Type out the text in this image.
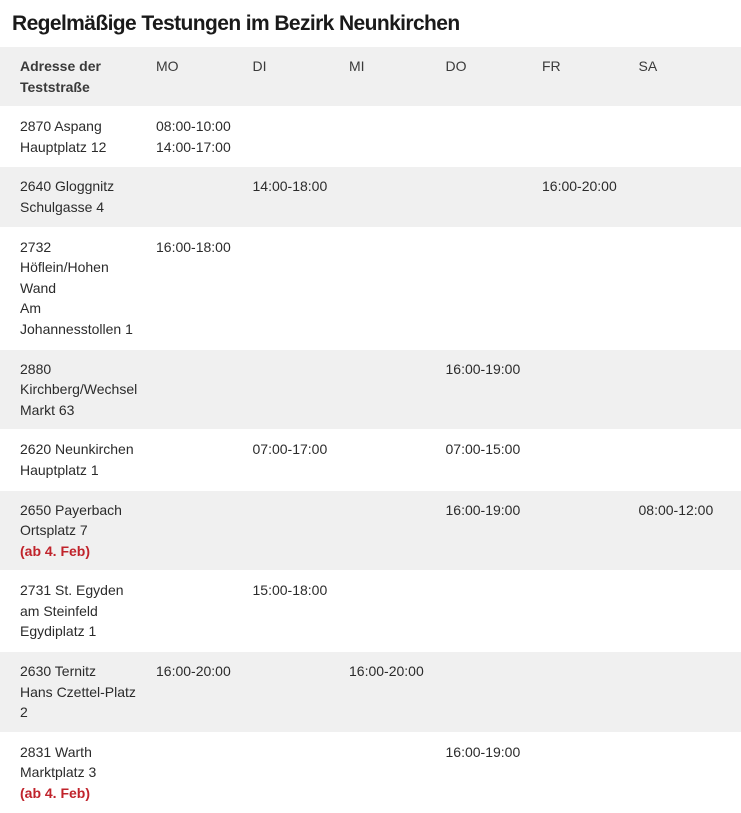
Regelmäßige Testungen im Bezirk Neunkirchen
Adresse der Teststraße	MO	DI	MI	DO	FR	SA

2870 Aspang
Hauptplatz 12	08:00-10:00
14:00-17:00					

2640 Gloggnitz
Schulgasse 4		14:00-18:00			16:00-20:00	

2732
Höflein/Hohen
Wand
Am
Johannesstollen 1	16:00-18:00					

2880
Kirchberg/Wechsel
Markt 63				16:00-19:00		

2620 Neunkirchen
Hauptplatz 1		07:00-17:00		07:00-15:00		

2650 Payerbach
Ortsplatz 7
(ab 4. Feb)				16:00-19:00		08:00-12:00

2731 St. Egyden
am Steinfeld
Egydiplatz 1		15:00-18:00				

2630 Ternitz
Hans Czettel-Platz
2	16:00-20:00		16:00-20:00			

2831 Warth
Marktplatz 3
(ab 4. Feb)				16:00-19:00		
